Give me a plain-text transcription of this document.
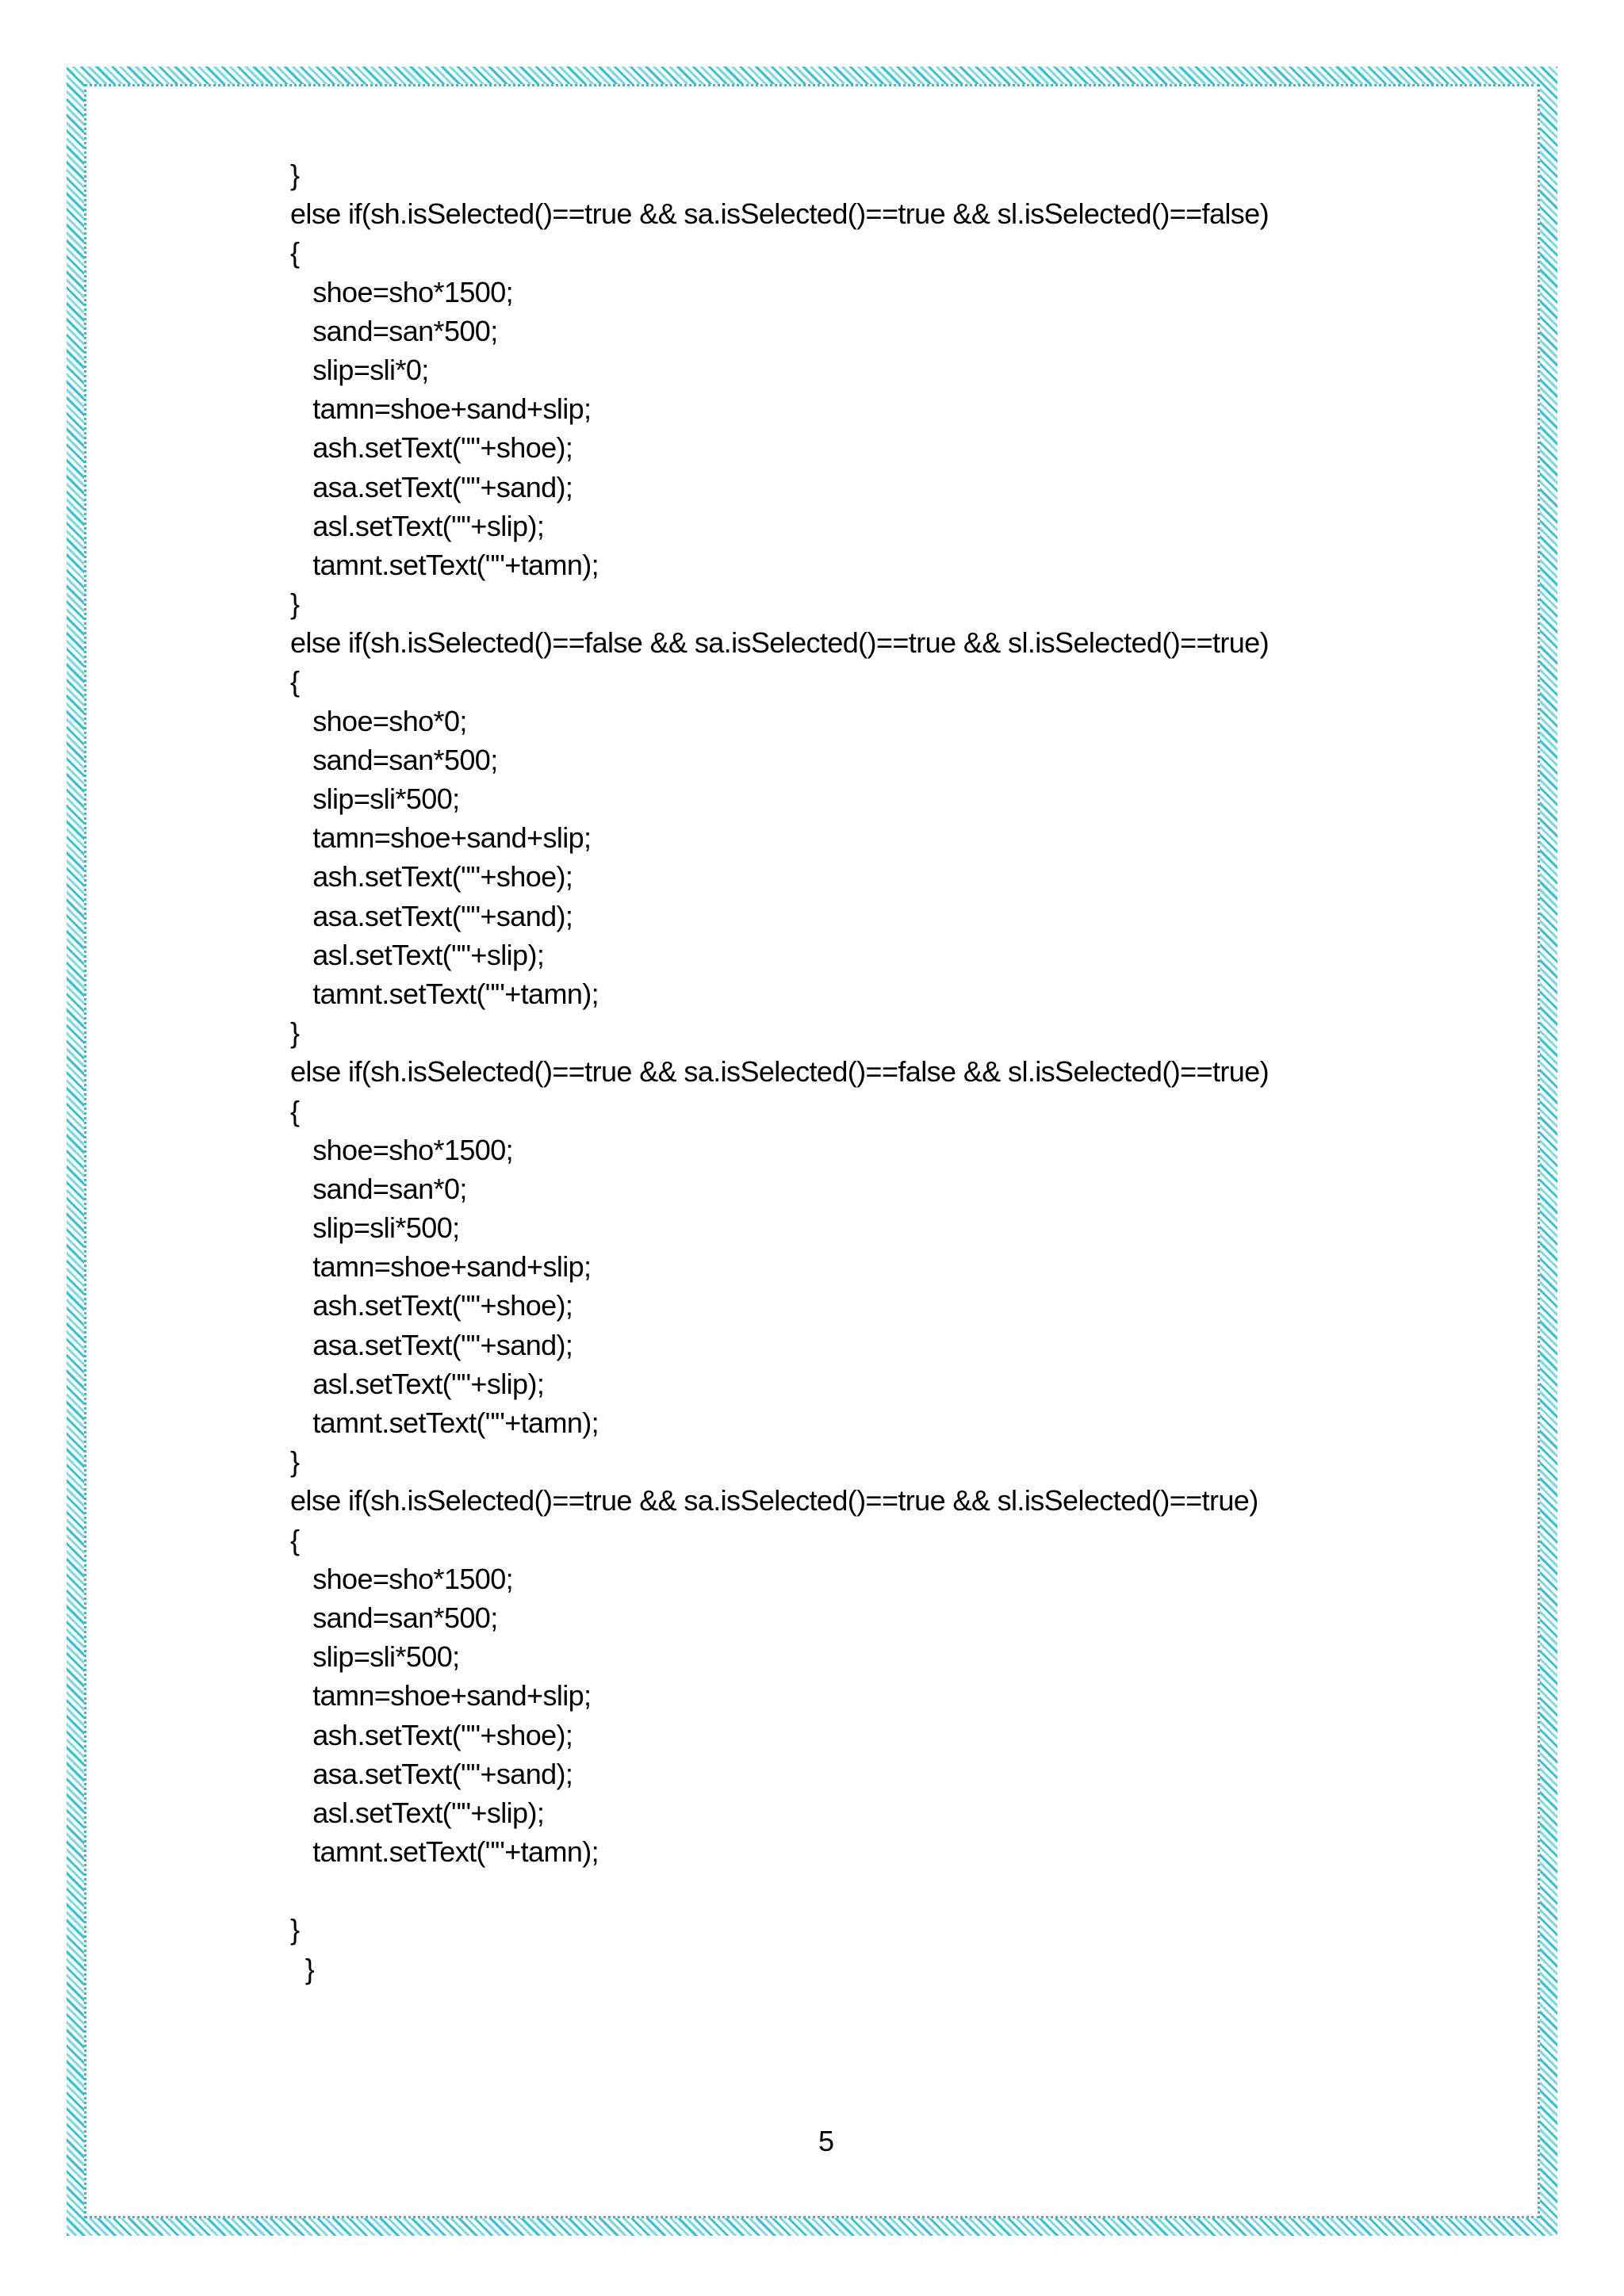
}
else if(sh.isSelected()==true && sa.isSelected()==true && sl.isSelected()==false)
{
shoe=sho*1500;
sand=san*500;
slip=sli*0;
tamn=shoe+sand+slip;
ash.setText(""+shoe);
asa.setText(""+sand);
asl.setText(""+slip);
tamnt.setText(""+tamn);
}
else if(sh.isSelected()==false && sa.isSelected()==true && sl.isSelected()==true)
{
shoe=sho*0;
sand=san*500;
slip=sli*500;
tamn=shoe+sand+slip;
ash.setText(""+shoe);
asa.setText(""+sand);
asl.setText(""+slip);
tamnt.setText(""+tamn);
}
else if(sh.isSelected()==true && sa.isSelected()==false && sl.isSelected()==true)
{
shoe=sho*1500;
sand=san*0;
slip=sli*500;
tamn=shoe+sand+slip;
ash.setText(""+shoe);
asa.setText(""+sand);
asl.setText(""+slip);
tamnt.setText(""+tamn);
}
else if(sh.isSelected()==true && sa.isSelected()==true && sl.isSelected()==true)
{
shoe=sho*1500;
sand=san*500;
slip=sli*500;
tamn=shoe+sand+slip;
ash.setText(""+shoe);
asa.setText(""+sand);
asl.setText(""+slip);
tamnt.setText(""+tamn);
}
}
5
